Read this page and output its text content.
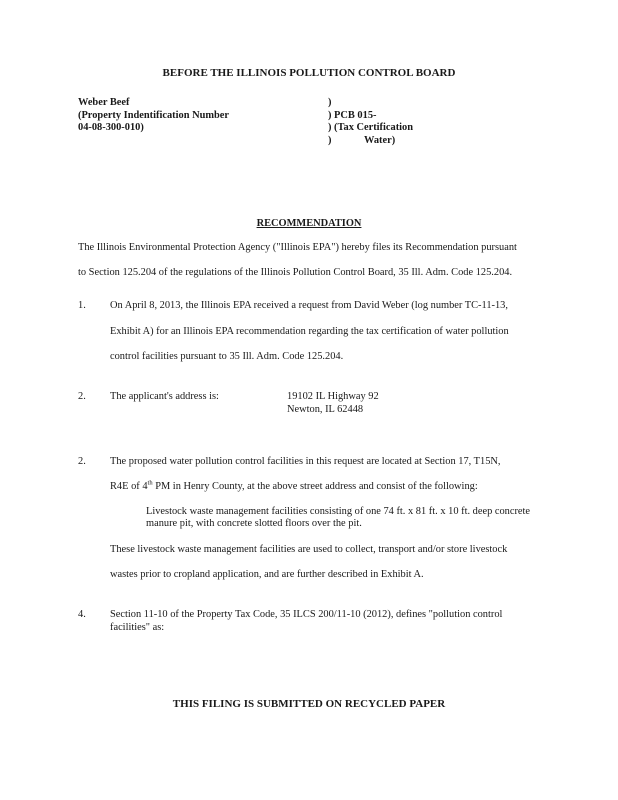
BEFORE THE ILLINOIS POLLUTION CONTROL BOARD
Weber Beef
(Property Indentification Number
04-08-300-010)
)
) PCB 015-
) (Tax Certification
)	Water)
RECOMMENDATION
The Illinois Environmental Protection Agency ("Illinois EPA") hereby files its Recommendation pursuant
to Section 125.204 of the regulations of the Illinois Pollution Control Board, 35 Ill. Adm. Code 125.204.
1. On April 8, 2013, the Illinois EPA received a request from David Weber (log number TC-11-13,
Exhibit A) for an Illinois EPA recommendation regarding the tax certification of water pollution
control facilities pursuant to 35 Ill. Adm. Code 125.204.
2. The applicant's address is:	19102 IL Highway 92
Newton, IL 62448
2. The proposed water pollution control facilities in this request are located at Section 17, T15N,
R4E of 4th PM in Henry County, at the above street address and consist of the following:
Livestock waste management facilities consisting of one 74 ft. x 81 ft. x 10 ft. deep concrete
manure pit, with concrete slotted floors over the pit.
These livestock waste management facilities are used to collect, transport and/or store livestock
wastes prior to cropland application, and are further described in Exhibit A.
4. Section 11-10 of the Property Tax Code, 35 ILCS 200/11-10 (2012), defines "pollution control
facilities" as:
THIS FILING IS SUBMITTED ON RECYCLED PAPER
